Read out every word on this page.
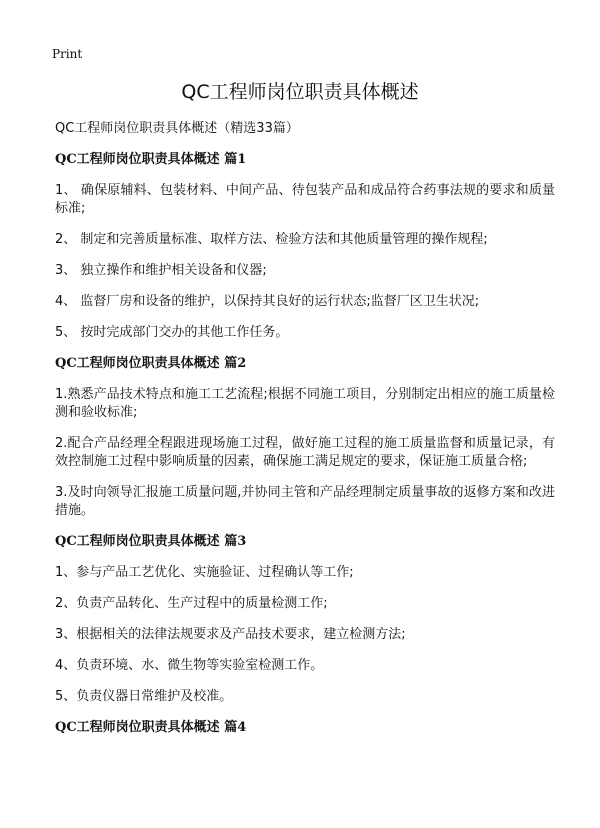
Print
QC工程师岗位职责具体概述

QC工程师岗位职责具体概述（精选33篇）

QC工程师岗位职责具体概述 篇1

1、 确保原辅料、包装材料、中间产品、待包装产品和成品符合药事法规的要求和质量标准;

2、 制定和完善质量标准、取样方法、检验方法和其他质量管理的操作规程;

3、 独立操作和维护相关设备和仪器;

4、 监督厂房和设备的维护，以保持其良好的运行状态;监督厂区卫生状况;

5、 按时完成部门交办的其他工作任务。

QC工程师岗位职责具体概述 篇2

1.熟悉产品技术特点和施工工艺流程;根据不同施工项目，分别制定出相应的施工质量检测和验收标准;

2.配合产品经理全程跟进现场施工过程，做好施工过程的施工质量监督和质量记录，有效控制施工过程中影响质量的因素，确保施工满足规定的要求，保证施工质量合格;

3.及时向领导汇报施工质量问题,并协同主管和产品经理制定质量事故的返修方案和改进措施。

QC工程师岗位职责具体概述 篇3

1、参与产品工艺优化、实施验证、过程确认等工作;

2、负责产品转化、生产过程中的质量检测工作;

3、根据相关的法律法规要求及产品技术要求，建立检测方法;

4、负责环境、水、微生物等实验室检测工作。

5、负责仪器日常维护及校准。

QC工程师岗位职责具体概述 篇4
